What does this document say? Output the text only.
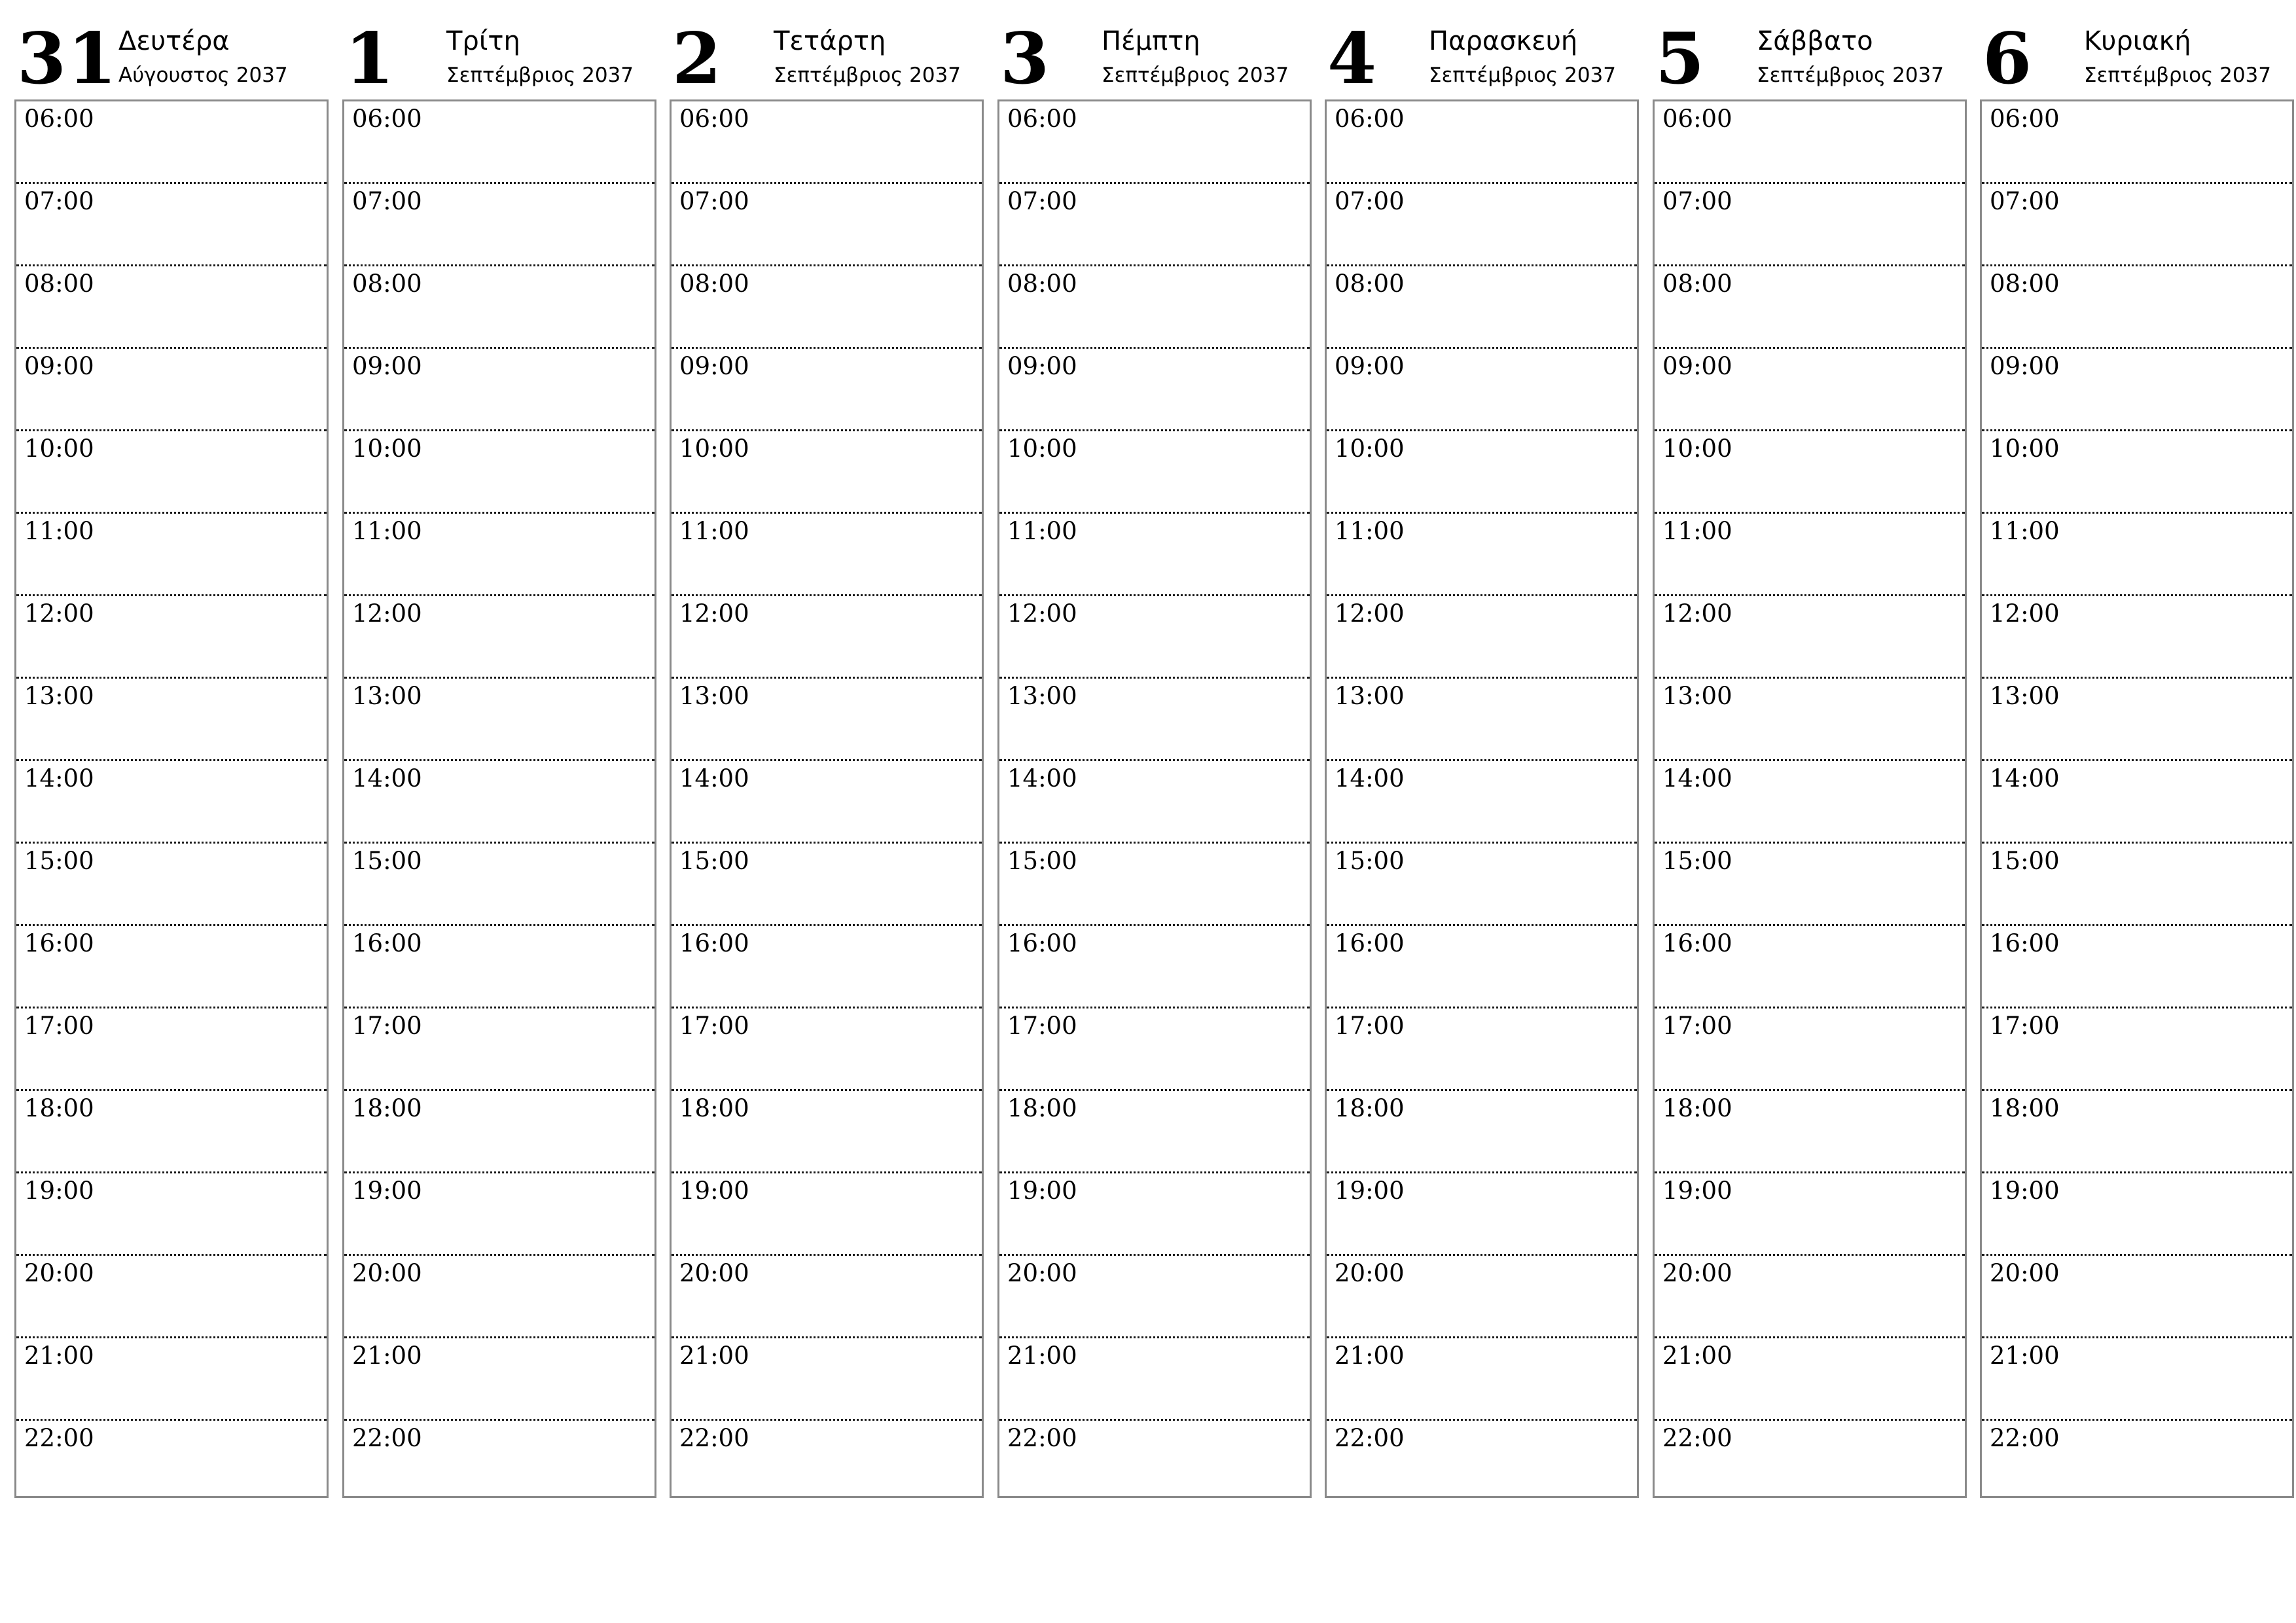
31 Δευτέρα
Αύγουστος 2037
06:00
07:00
08:00
09:00
10:00
11:00
12:00
13:00
14:00
15:00
16:00
17:00
18:00
19:00
20:00
21:00
22:00
1 Τρίτη
Σεπτέμβριος 2037
06:00
07:00
08:00
09:00
10:00
11:00
12:00
13:00
14:00
15:00
16:00
17:00
18:00
19:00
20:00
21:00
22:00
2 Τετάρτη
Σεπτέμβριος 2037
06:00
07:00
08:00
09:00
10:00
11:00
12:00
13:00
14:00
15:00
16:00
17:00
18:00
19:00
20:00
21:00
22:00
3 Πέμπτη
Σεπτέμβριος 2037
06:00
07:00
08:00
09:00
10:00
11:00
12:00
13:00
14:00
15:00
16:00
17:00
18:00
19:00
20:00
21:00
22:00
4 Παρασκευή
Σεπτέμβριος 2037
06:00
07:00
08:00
09:00
10:00
11:00
12:00
13:00
14:00
15:00
16:00
17:00
18:00
19:00
20:00
21:00
22:00
5 Σάββατο
Σεπτέμβριος 2037
06:00
07:00
08:00
09:00
10:00
11:00
12:00
13:00
14:00
15:00
16:00
17:00
18:00
19:00
20:00
21:00
22:00
6 Κυριακή
Σεπτέμβριος 2037
06:00
07:00
08:00
09:00
10:00
11:00
12:00
13:00
14:00
15:00
16:00
17:00
18:00
19:00
20:00
21:00
22:00
